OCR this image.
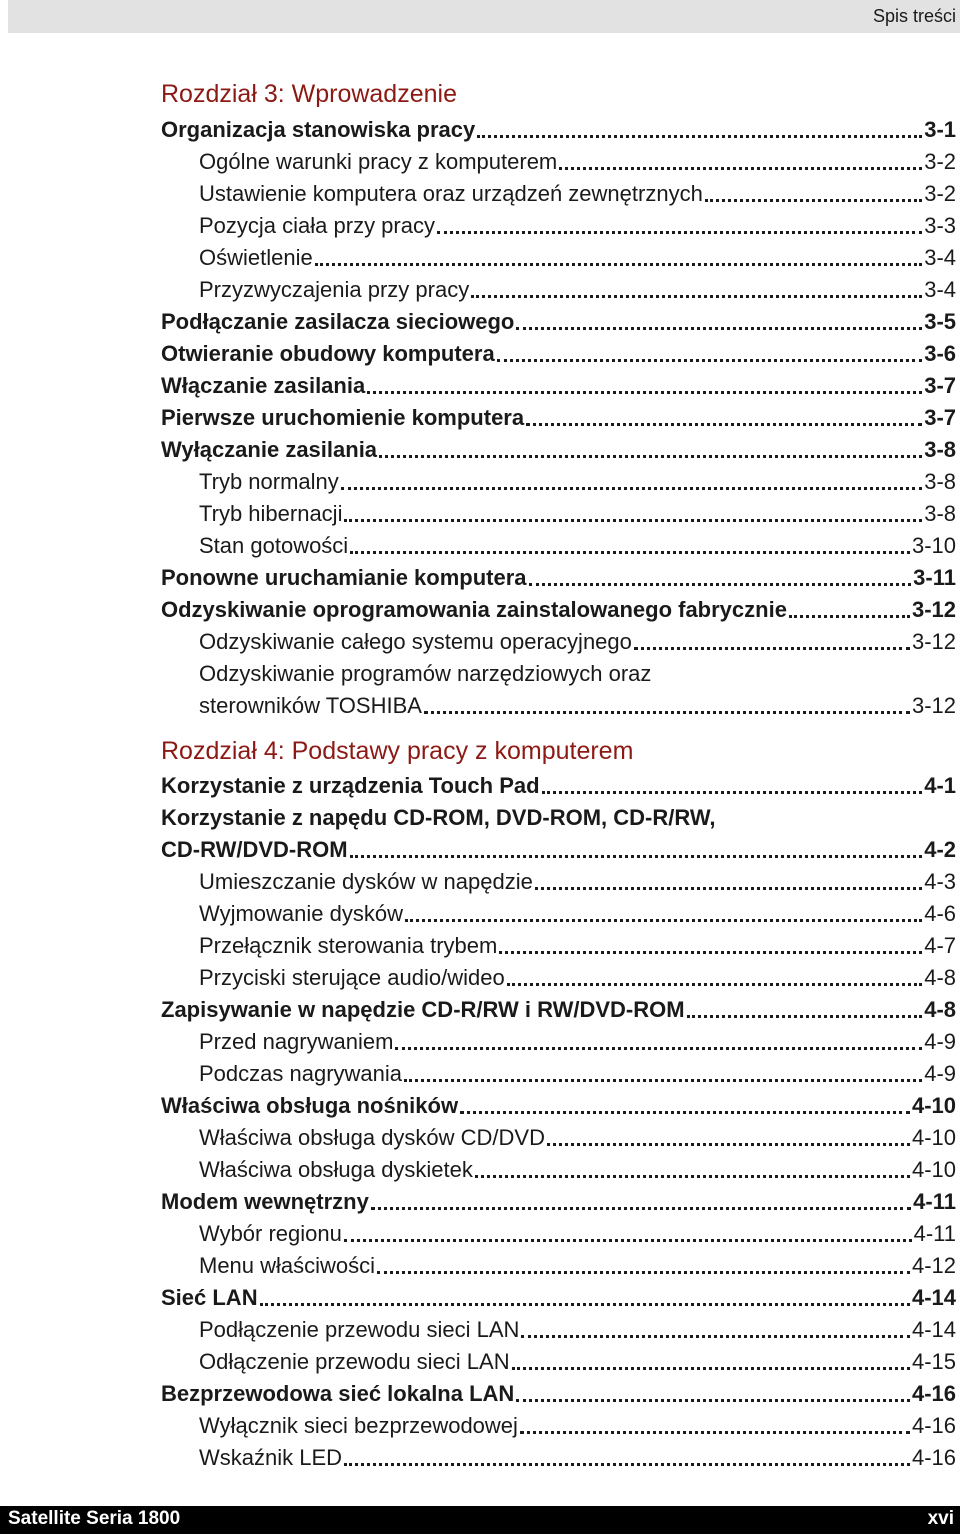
Spis treści
Rozdział 3: Wprowadzenie
Organizacja stanowiska pracy	3-1
Ogólne warunki pracy z komputerem	3-2
Ustawienie komputera oraz urządzeń zewnętrznych	3-2
Pozycja ciała przy pracy	3-3
Oświetlenie	3-4
Przyzwyczajenia przy pracy	3-4
Podłączanie zasilacza sieciowego	3-5
Otwieranie obudowy komputera	3-6
Włączanie zasilania	3-7
Pierwsze uruchomienie komputera	3-7
Wyłączanie zasilania	3-8
Tryb normalny	3-8
Tryb hibernacji	3-8
Stan gotowości	3-10
Ponowne uruchamianie komputera	3-11
Odzyskiwanie oprogramowania zainstalowanego fabrycznie	3-12
Odzyskiwanie całego systemu operacyjnego	3-12
Odzyskiwanie programów narzędziowych oraz
sterowników TOSHIBA	3-12
Rozdział 4: Podstawy pracy z komputerem
Korzystanie z urządzenia Touch Pad	4-1
Korzystanie z napędu CD-ROM, DVD-ROM, CD-R/RW,
CD-RW/DVD-ROM	4-2
Umieszczanie dysków w napędzie	4-3
Wyjmowanie dysków	4-6
Przełącznik sterowania trybem	4-7
Przyciski sterujące audio/wideo	4-8
Zapisywanie w napędzie CD-R/RW i RW/DVD-ROM	4-8
Przed nagrywaniem	4-9
Podczas nagrywania	4-9
Właściwa obsługa nośników	4-10
Właściwa obsługa dysków CD/DVD	4-10
Właściwa obsługa dyskietek	4-10
Modem wewnętrzny	4-11
Wybór regionu	4-11
Menu właściwości	4-12
Sieć LAN	4-14
Podłączenie przewodu sieci LAN	4-14
Odłączenie przewodu sieci LAN	4-15
Bezprzewodowa sieć lokalna LAN	4-16
Wyłącznik sieci bezprzewodowej	4-16
Wskaźnik LED	4-16
Satellite Seria 1800	xvi
